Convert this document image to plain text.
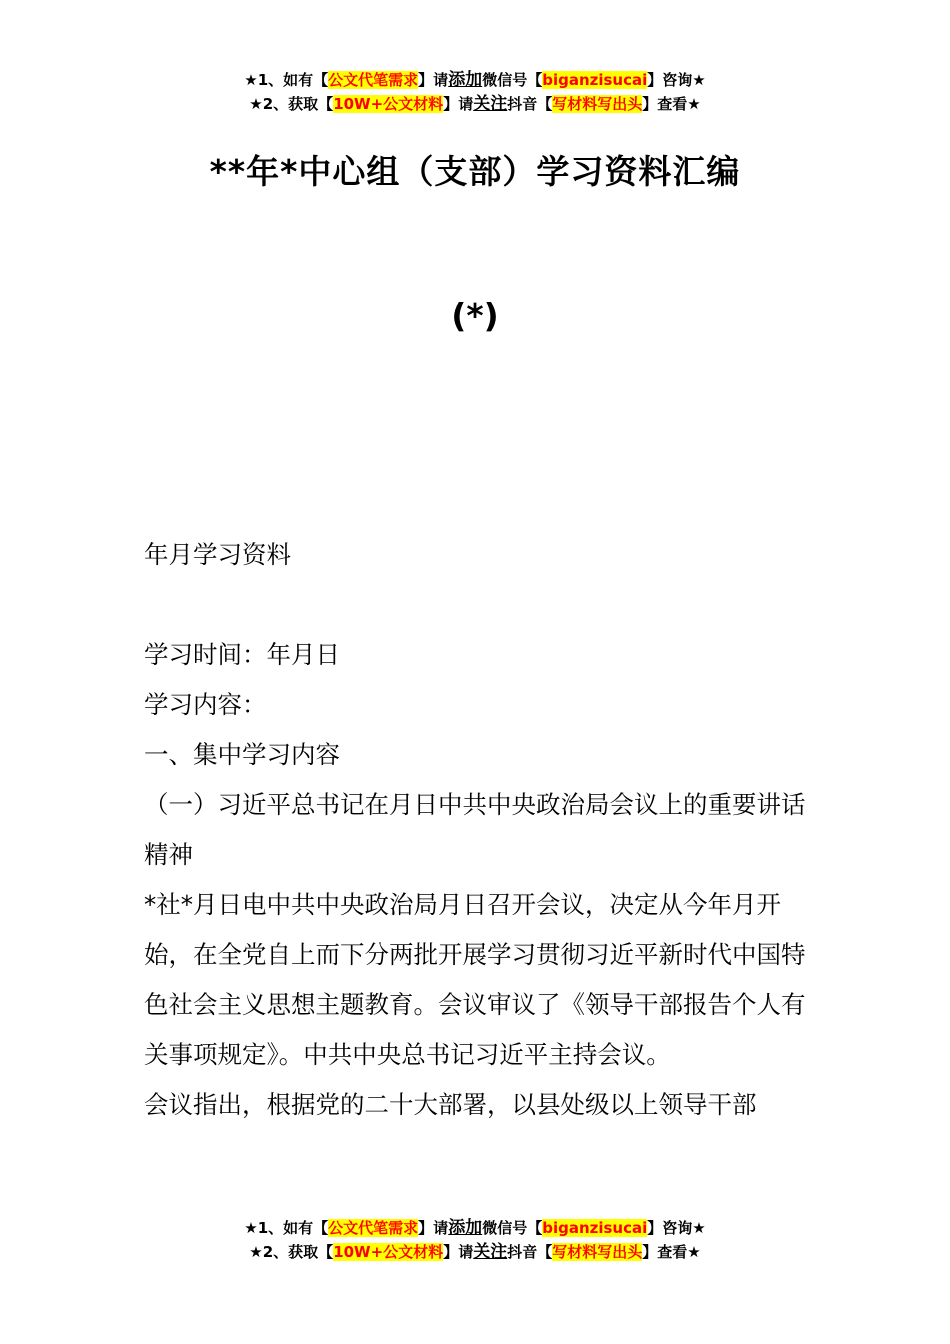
★1、如有【公文代笔需求】请添加微信号【biganzisucai】咨询★
★2、获取【10W+公文材料】请关注抖音【写材料写出头】查看★
**年*中心组（支部）学习资料汇编
(*)

年月学习资料

学习时间：年月日

学习内容：

一、集中学习内容

（一）习近平总书记在月日中共中央政治局会议上的重要讲话精神

*社*月日电中共中央政治局月日召开会议，决定从今年月开始，在全党自上而下分两批开展学习贯彻习近平新时代中国特色社会主义思想主题教育。会议审议了《领导干部报告个人有关事项规定》。中共中央总书记习近平主持会议。

会议指出，根据党的二十大部署，以县处级以上领导干部

★1、如有【公文代笔需求】请添加微信号【biganzisucai】咨询★
★2、获取【10W+公文材料】请关注抖音【写材料写出头】查看★
